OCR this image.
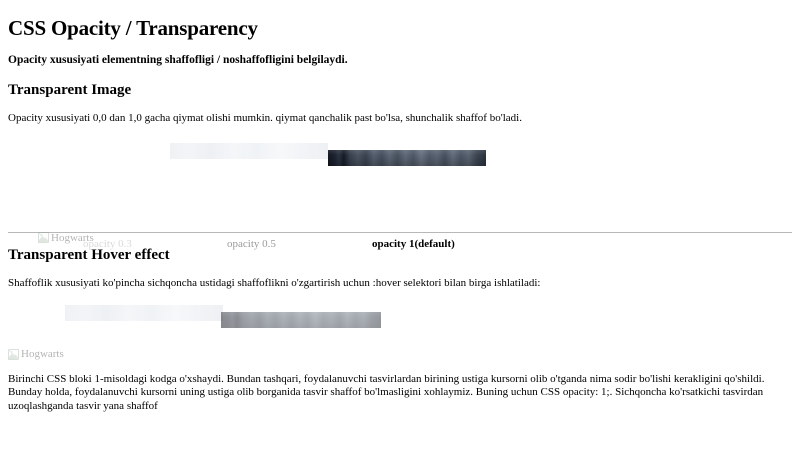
CSS Opacity / Transparency

Opacity xususiyati elementning shaffofligi / noshaffofligini belgilaydi.

Transparent Image

Opacity xususiyati 0,0 dan 1,0 gacha qiymat olishi mumkin. qiymat qanchalik past bo'lsa, shunchalik shaffof bo'ladi.

Hogwarts
opacity 0.3	opacity 0.5	opacity 1(default)
Transparent Hover effect

Shaffoflik xususiyati ko'pincha sichqoncha ustidagi shaffoflikni o'zgartirish uchun :hover selektori bilan birga ishlatiladi:

Hogwarts

Birinchi CSS bloki 1-misoldagi kodga o'xshaydi. Bundan tashqari, foydalanuvchi tasvirlardan birining ustiga kursorni olib o'tganda nima sodir bo'lishi kerakligini qo'shildi. Bunday holda, foydalanuvchi kursorni uning ustiga olib borganida tasvir shaffof bo'lmasligini xohlaymiz. Buning uchun CSS opacity: 1;. Sichqoncha ko'rsatkichi tasvirdan uzoqlashganda tasvir yana shaffof
